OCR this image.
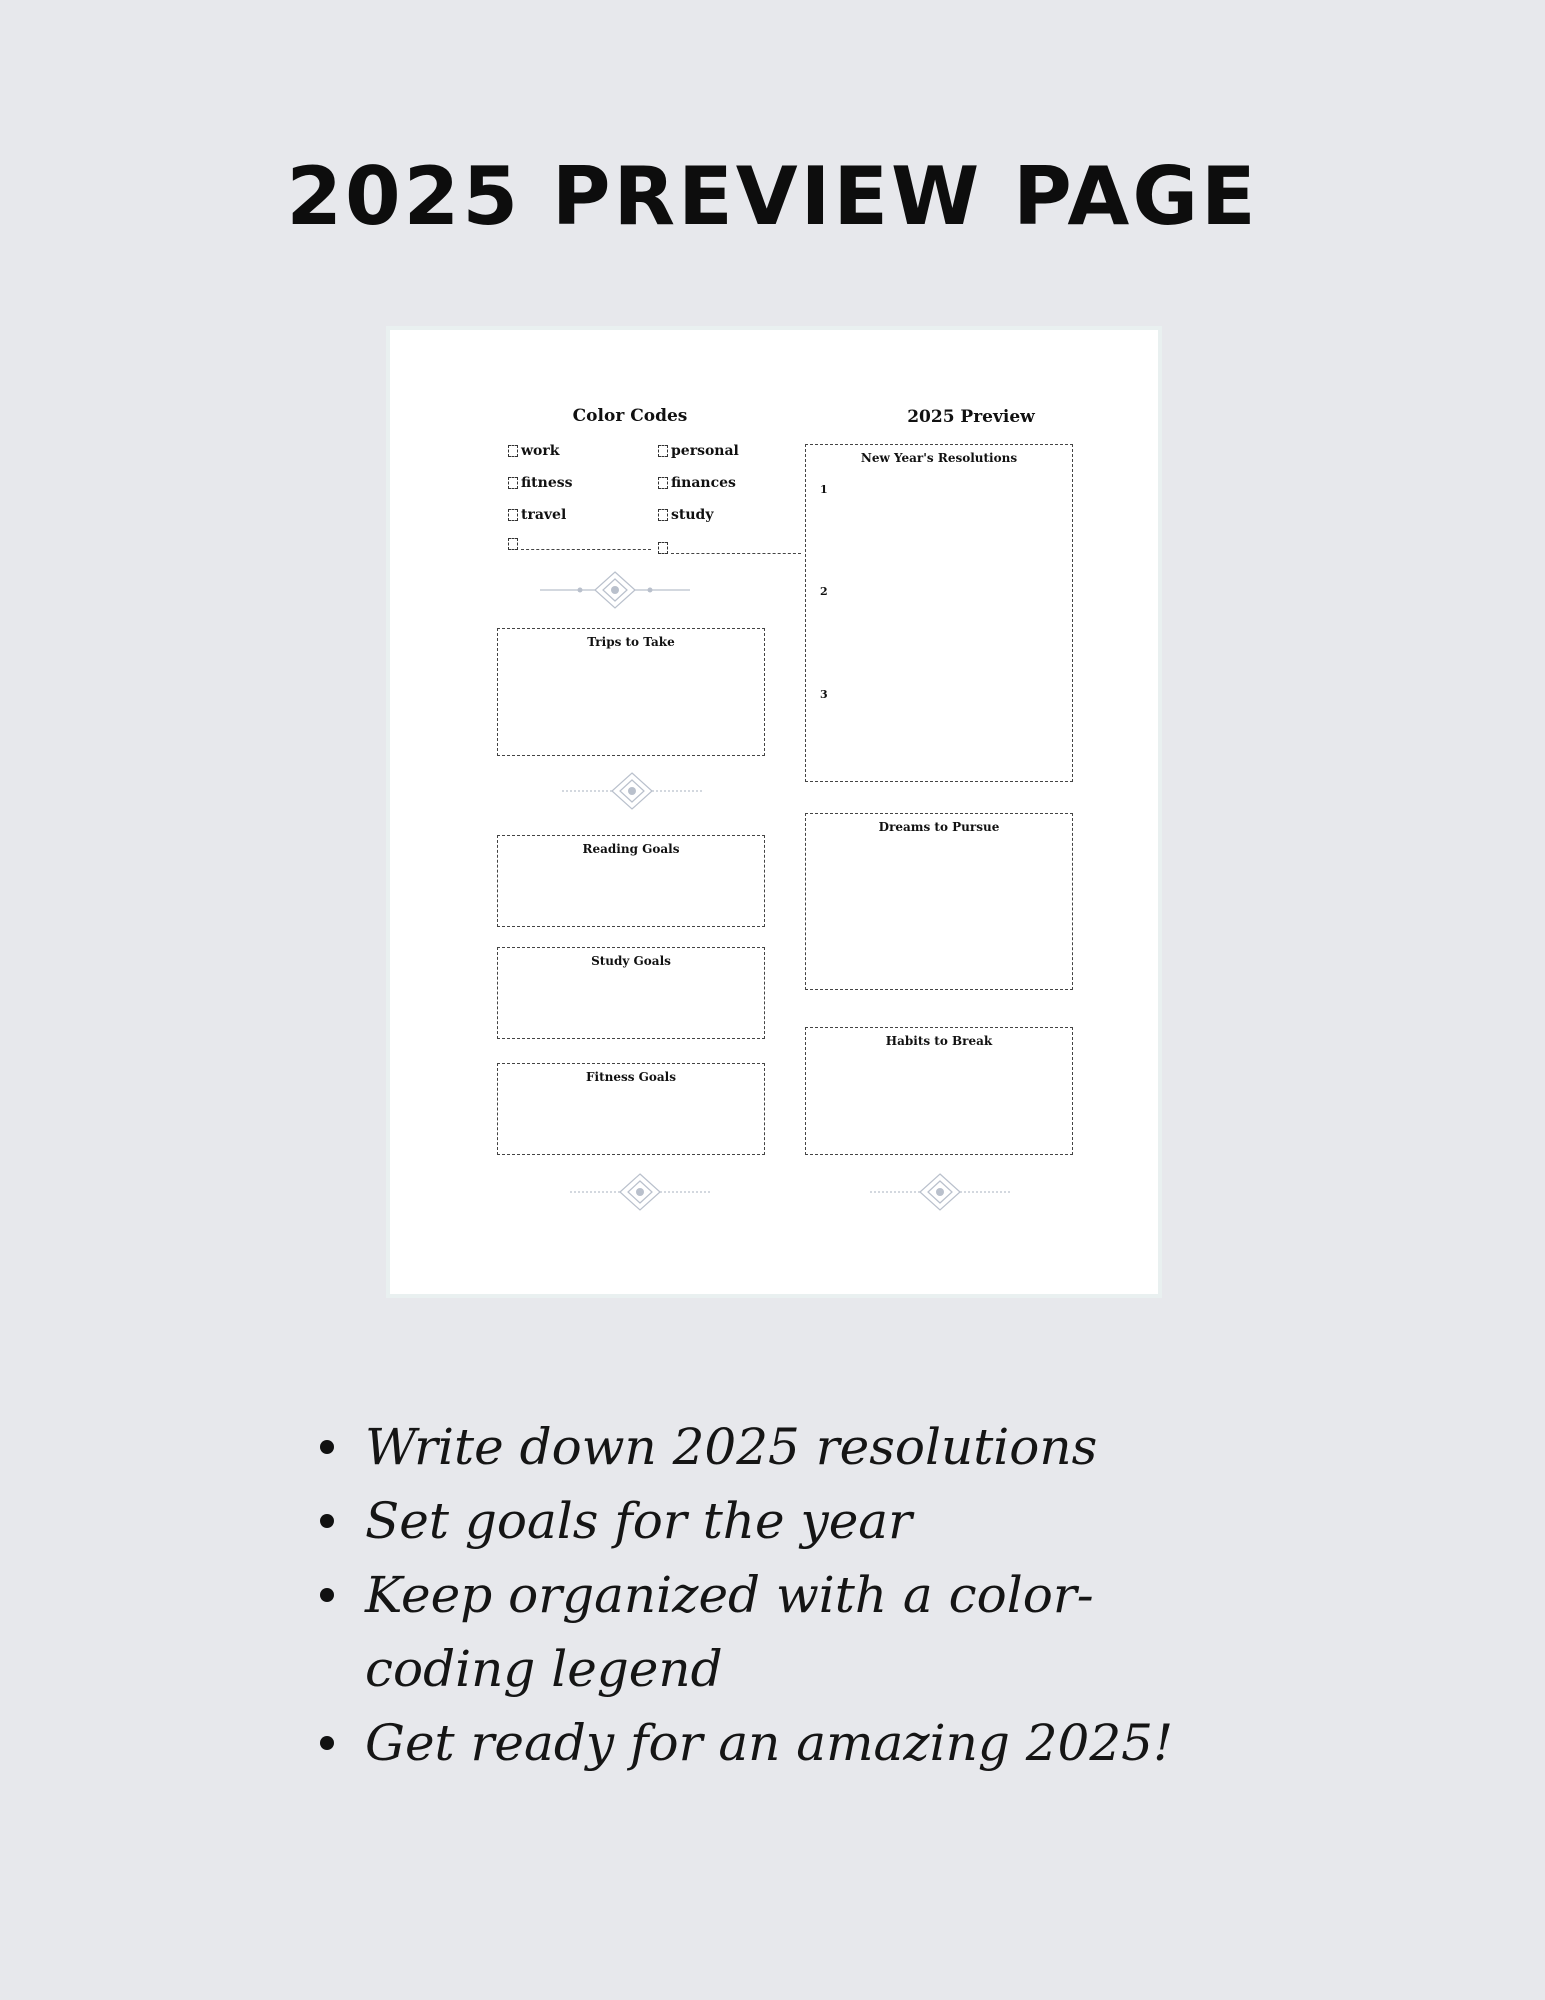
2025 PREVIEW PAGE
Color Codes
work	personal
fitness	finances
travel	study
2025 Preview
Trips to Take
Reading Goals
Study Goals
Fitness Goals
New Year's Resolutions
1
2
3
Dreams to Pursue
Habits to Break
Write down 2025 resolutions
Set goals for the year
Keep organized with a color-coding legend
Get ready for an amazing 2025!
